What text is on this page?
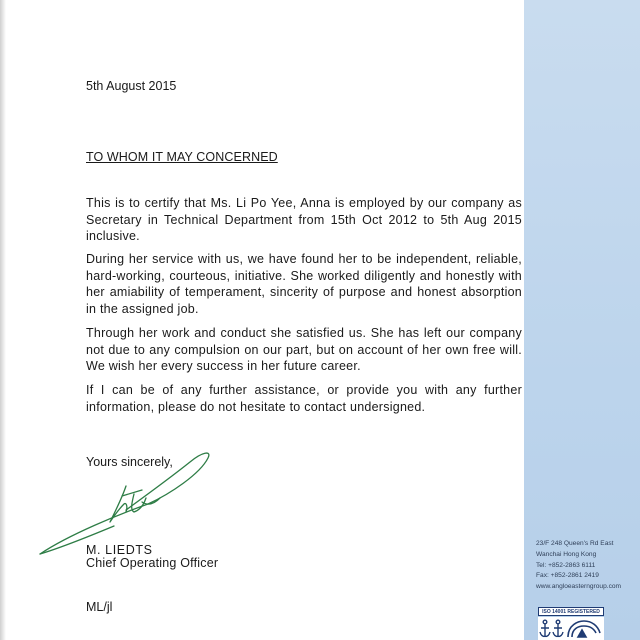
5th August 2015
TO WHOM IT MAY CONCERNED

This is to certify that Ms. Li Po Yee, Anna is employed by our company as Secretary in Technical Department from 15th Oct 2012 to 5th Aug 2015 inclusive.

During her service with us, we have found her to be independent, reliable, hard-working, courteous, initiative. She worked diligently and honestly with her amiability of temperament, sincerity of purpose and honest absorption in the assigned job.

Through her work and conduct she satisfied us. She has left our company not due to any compulsion on our part, but on account of her own free will. We wish her every success in her future career.

If I can be of any further assistance, or provide you with any further information, please do not hesitate to contact undersigned.

Yours sincerely,
M. LIEDTS
Chief Operating Officer
ML/jl
23/F 248 Queen's Rd East
Wanchai Hong Kong
Tel: +852-2863 6111
Fax: +852-2861 2419
www.angloeasterngroup.com
ISO 14001 REGISTERED
